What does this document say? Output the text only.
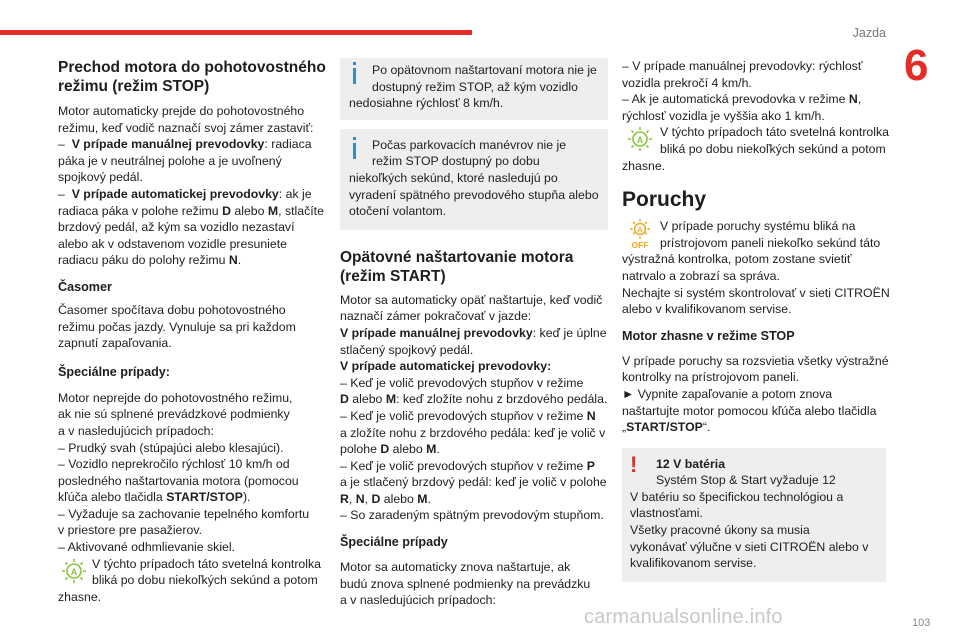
Jazda
6

Prechod motora do pohotovostného
režimu (režim STOP)

Motor automaticky prejde do pohotovostného
režimu, keď vodič naznačí svoj zámer zastaviť:
– V prípade manuálnej prevodovky: radiaca
páka je v neutrálnej polohe a je uvoľnený
spojkový pedál.
– V prípade automatickej prevodovky: ak je
radiaca páka v polohe režimu D alebo M, stlačíte
brzdový pedál, až kým sa vozidlo nezastaví
alebo ak v odstavenom vozidle presuniete
radiacu páku do polohy režimu N.

Časomer

Časomer spočítava dobu pohotovostného
režimu počas jazdy. Vynuluje sa pri každom
zapnutí zapaľovania.

Špeciálne prípady:

Motor neprejde do pohotovostného režimu,
ak nie sú splnené prevádzkové podmienky
a v nasledujúcich prípadoch:
– Prudký svah (stúpajúci alebo klesajúci).
– Vozidlo neprekročilo rýchlosť 10 km/h od
posledného naštartovania motora (pomocou
kľúča alebo tlačidla START/STOP).
– Vyžaduje sa zachovanie tepelného komfortu
v priestore pre pasažierov.
– Aktivované odhmlievanie skiel.

A
V týchto prípadoch táto svetelná kontrolka
bliká po dobu niekoľkých sekúnd a potom

zhasne.

Po opätovnom naštartovaní motora nie je
dostupný režim STOP, až kým vozidlo
nedosiahne rýchlosť 8 km/h.
Počas parkovacích manévrov nie je
režim STOP dostupný po dobu
niekoľkých sekúnd, ktoré nasledujú po
vyradení spätného prevodového stupňa alebo
otočení volantom.

Opätovné naštartovanie motora
(režim START)

Motor sa automaticky opäť naštartuje, keď vodič
naznačí zámer pokračovať v jazde:
V prípade manuálnej prevodovky: keď je úplne
stlačený spojkový pedál.
V prípade automatickej prevodovky:
– Keď je volič prevodových stupňov v režime
D alebo M: keď zložíte nohu z brzdového pedála.
– Keď je volič prevodových stupňov v režime N
a zložíte nohu z brzdového pedála: keď je volič v
polohe D alebo M.
– Keď je volič prevodových stupňov v režime P
a je stlačený brzdový pedál: keď je volič v polohe
R, N, D alebo M.
– So zaradeným spätným prevodovým stupňom.

Špeciálne prípady

Motor sa automaticky znova naštartuje, ak
budú znova splnené podmienky na prevádzku
a v nasledujúcich prípadoch:

– V prípade manuálnej prevodovky: rýchlosť
vozidla prekročí 4 km/h.
– Ak je automatická prevodovka v režime N,
rýchlosť vozidla je vyššia ako 1 km/h.

A
V týchto prípadoch táto svetelná kontrolka
bliká po dobu niekoľkých sekúnd a potom

zhasne.

Poruchy

A
OFF
V prípade poruchy systému bliká na
prístrojovom paneli niekoľko sekúnd táto

výstražná kontrolka, potom zostane svietiť
natrvalo a zobrazí sa správa.
Nechajte si systém skontrolovať v sieti CITROËN
alebo v kvalifikovanom servise.

Motor zhasne v režime STOP

V prípade poruchy sa rozsvietia všetky výstražné
kontrolky na prístrojovom paneli.
► Vypnite zapaľovanie a potom znova
naštartujte motor pomocou kľúča alebo tlačidla
„START/STOP“.

! 12 V batéria
Systém Stop & Start vyžaduje 12
V batériu so špecifickou technológiou a
vlastnosťami.
Všetky pracovné úkony sa musia
vykonávať výlučne v sieti CITROËN alebo v
kvalifikovanom servise.
carmanualsonline.info	103
